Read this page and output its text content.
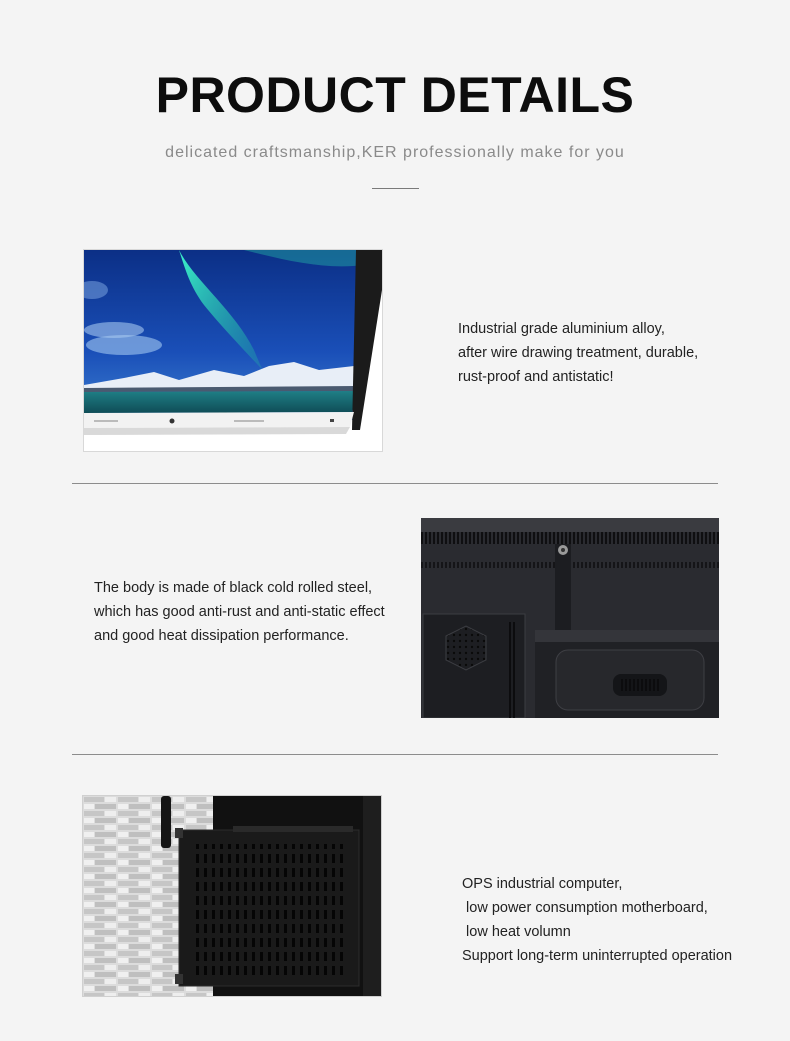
PRODUCT DETAILS
delicated craftsmanship,KER professionally make for you
Industrial grade aluminium alloy,
after wire drawing treatment, durable,
rust-proof and antistatic!
The body is made of black cold rolled steel,
which has good anti-rust and anti-static effect
and good heat dissipation performance.
OPS industrial computer,
low power consumption motherboard,
low heat volumn
Support long-term uninterrupted operation
